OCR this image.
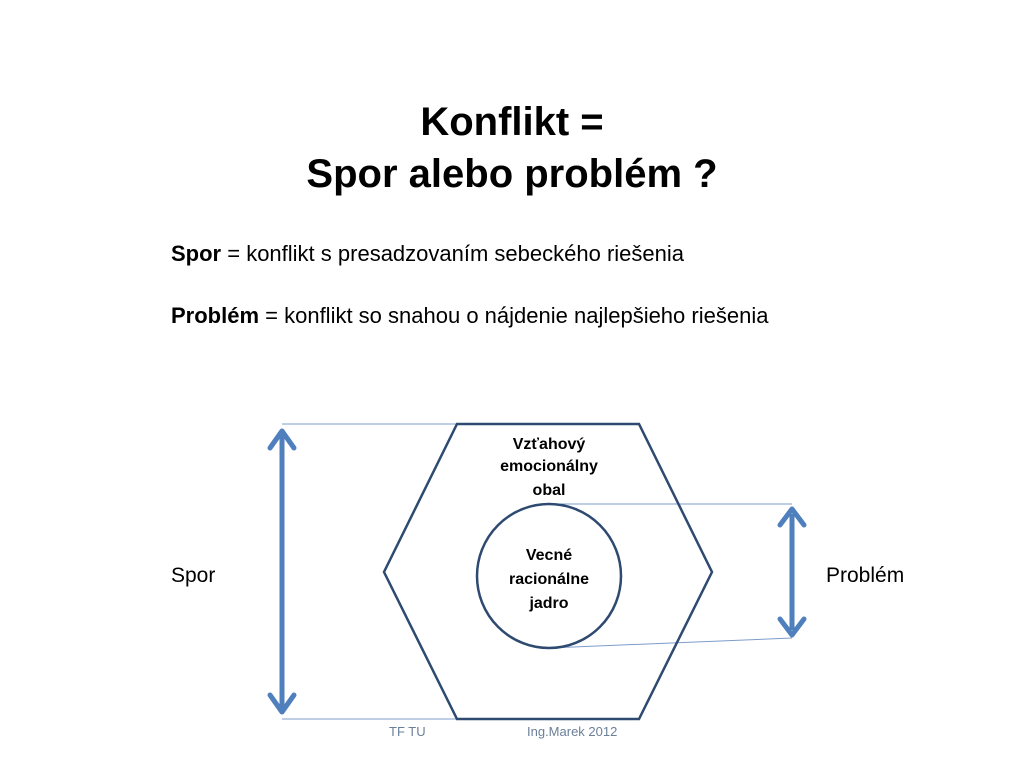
Konflikt =
Spor alebo problém ?
Spor = konflikt s presadzovaním sebeckého riešenia
Problém = konflikt so snahou o nájdenie najlepšieho riešenia
Spor	Problém
Vzťahový
emocionálny
obal
Vecné
racionálne
jadro
TF TU	Ing.Marek 2012
